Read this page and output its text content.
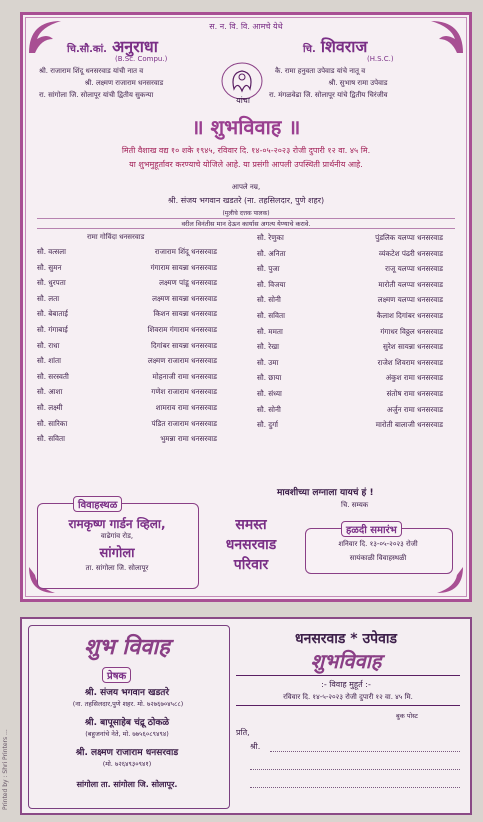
स. न. वि. वि. आमचे येथे
चि.सौ.कां. अनुराधा
(B.Sc. Compu.)
श्री. राजाराम शिंदू धनसरवाड यांची नात व
श्री. लक्ष्मण राजाराम धनसरवाड
रा. सांगोला जि. सोलापूर यांची द्वितीय सुकन्या
यांचा
चि. शिवराज
(H.S.C.)
कै. रामा हनुवता उपेवाड यांचे नातू व
श्री. सुभाष रामा उपेवाड
रा. मंगळवेढा जि. सोलापूर यांचे द्वितीय चिरंजीव
॥ शुभविवाह ॥
मिती वैशाख वद्य १० शके १९४५, रविवार दि. १४-०५-२०२३ रोजी दुपारी १२ वा. ४५ मि.
या शुभमुहूर्तावर करण्याचे योजिले आहे. या प्रसंगी आपली उपस्थिती प्रार्थनीय आहे.
आपले नम्र,
श्री. संजय भगवान खडतरे (ना. तहसिलदार, पुणे शहर)
(मुलीचे दत्तक पालक)
वरील विनंतीस मान देऊन कार्यास अगत्य येण्याचे करावे.
रामा गोविंदा धनसरवाड
सौ. वत्सला	राजाराम शिंदू धनसरवाड
सौ. सुमन	गंगाराम सायन्ना धनसरवाड
सौ. धुरपता	लक्ष्मण पांडू धनसरवाड
सौ. लता	लक्ष्मण सायन्ना धनसरवाड
सौ. बेबाताई	किशन सायन्ना धनसरवाड
सौ. गंगाबाई	शिवराम गंगाराम धनसरवाड
सौ. राधा	दिगांबर सायन्ना धनसरवाड
सौ. शांता	लक्ष्मण राजाराम धनसरवाड
सौ. सरस्वती	मोहनाजी रामा धनसरवाड
सौ. आशा	गणेश राजाराम धनसरवाड
सौ. लक्ष्मी	शामराव रामा धनसरवाड
सौ. सारिका	पंडित राजाराम धनसरवाड
सौ. सविता	भुमन्ना रामा धनसरवाड
सौ. रेणुका	पुंडलिक यलप्पा धनसरवाड
सौ. अनिता	व्यंकटेश पंढरी धनसरवाड
सौ. पुजा	राजू यलप्पा धनसरवाड
सौ. विजया	मारोती यलप्पा धनसरवाड
सौ. सोनी	लक्ष्मण यलप्पा धनसरवाड
सौ. सविता	कैलाश दिगांबर धनसरवाड
सौ. ममता	गंगाधर विठ्ठल धनसरवाड
सौ. रेखा	सुरेश सायन्ना धनसरवाड
सौ. उमा	राजेश शिवराम धनसरवाड
सौ. छाया	अंकुश रामा धनसरवाड
सौ. संध्या	संतोष रामा धनसरवाड
सौ. सोनी	अर्जुन रामा धनसरवाड
सौ. दुर्गा	मारोती बालाजी धनसरवाड
मावशीच्या लग्नाला यायचं हं !
चि. सम्यक
विवाहस्थळ
रामकृष्ण गार्डन व्हिला,
वाढेगांव रोड,
सांगोला
ता. सांगोला जि. सोलापूर
समस्त
धनसरवाड
परिवार
हळदी समारंभ
शनिवार दि. १३-०५-२०२३ रोजी
सायंकाळी विवाहस्थळी
शुभ विवाह
प्रेषक
श्री. संजय भगवान खडतरे
(ना. तहसिलदार,पुणे शहर. मो. ७२७६७०४५८८)
श्री. बापूसाहेब चंद्रू ठोकळे
(बहुजनांचे नेते, मो. ७७५६०८९४९४)
श्री. लक्ष्मण राजाराम धनसरवाड
(मो. ७२६४९३०९४१)
सांगोला ता. सांगोला जि. सोलापूर.
धनसरवाड * उपेवाड
शुभविवाह
:- विवाह मुहूर्त :-
रविवार दि. १४-५-२०२३ रोजी दुपारी १२ वा. ४५ मि.
बुक पोस्ट
प्रति,
श्री.
Printed by : Shri Printers ...
